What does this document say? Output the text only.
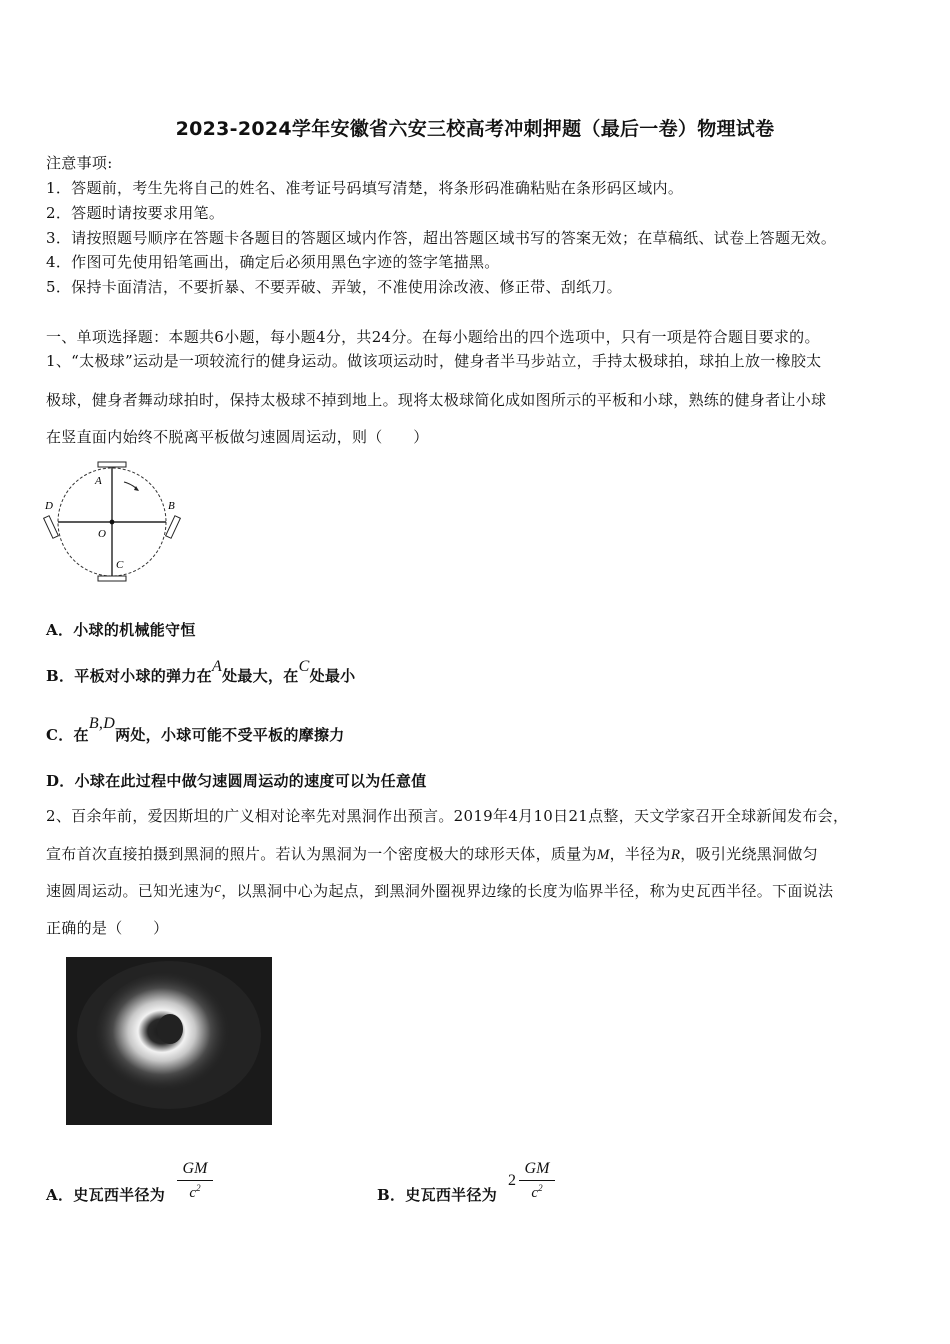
2023-2024学年安徽省六安三校高考冲刺押题（最后一卷）物理试卷
注意事项:
1．答题前，考生先将自己的姓名、准考证号码填写清楚，将条形码准确粘贴在条形码区域内。
2．答题时请按要求用笔。
3．请按照题号顺序在答题卡各题目的答题区域内作答，超出答题区域书写的答案无效；在草稿纸、试卷上答题无效。
4．作图可先使用铅笔画出，确定后必须用黑色字迹的签字笔描黑。
5．保持卡面清洁，不要折暴、不要弄破、弄皱，不准使用涂改液、修正带、刮纸刀。
一、单项选择题：本题共6小题，每小题4分，共24分。在每小题给出的四个选项中，只有一项是符合题目要求的。
1、“太极球”运动是一项较流行的健身运动。做该项运动时，健身者半马步站立，手持太极球拍，球拍上放一橡胶太
极球，健身者舞动球拍时，保持太极球不掉到地上。现将太极球简化成如图所示的平板和小球，熟练的健身者让小球
在竖直面内始终不脱离平板做匀速圆周运动，则（　　）
A
B
C
D
O
A．小球的机械能守恒
B．平板对小球的弹力在A处最大，在C处最小
C．在B,D两处，小球可能不受平板的摩擦力
D．小球在此过程中做匀速圆周运动的速度可以为任意值
2、百余年前，爱因斯坦的广义相对论率先对黑洞作出预言。2019年4月10日21点整，天文学家召开全球新闻发布会，
宣布首次直接拍摄到黑洞的照片。若认为黑洞为一个密度极大的球形天体，质量为M，半径为R，吸引光绕黑洞做匀
速圆周运动。已知光速为c，以黑洞中心为起点，到黑洞外圈视界边缘的长度为临界半径，称为史瓦西半径。下面说法
正确的是（　　）
A．史瓦西半径为
GM
$c^2$	B．史瓦西半径为
2
GM
$c^2$
